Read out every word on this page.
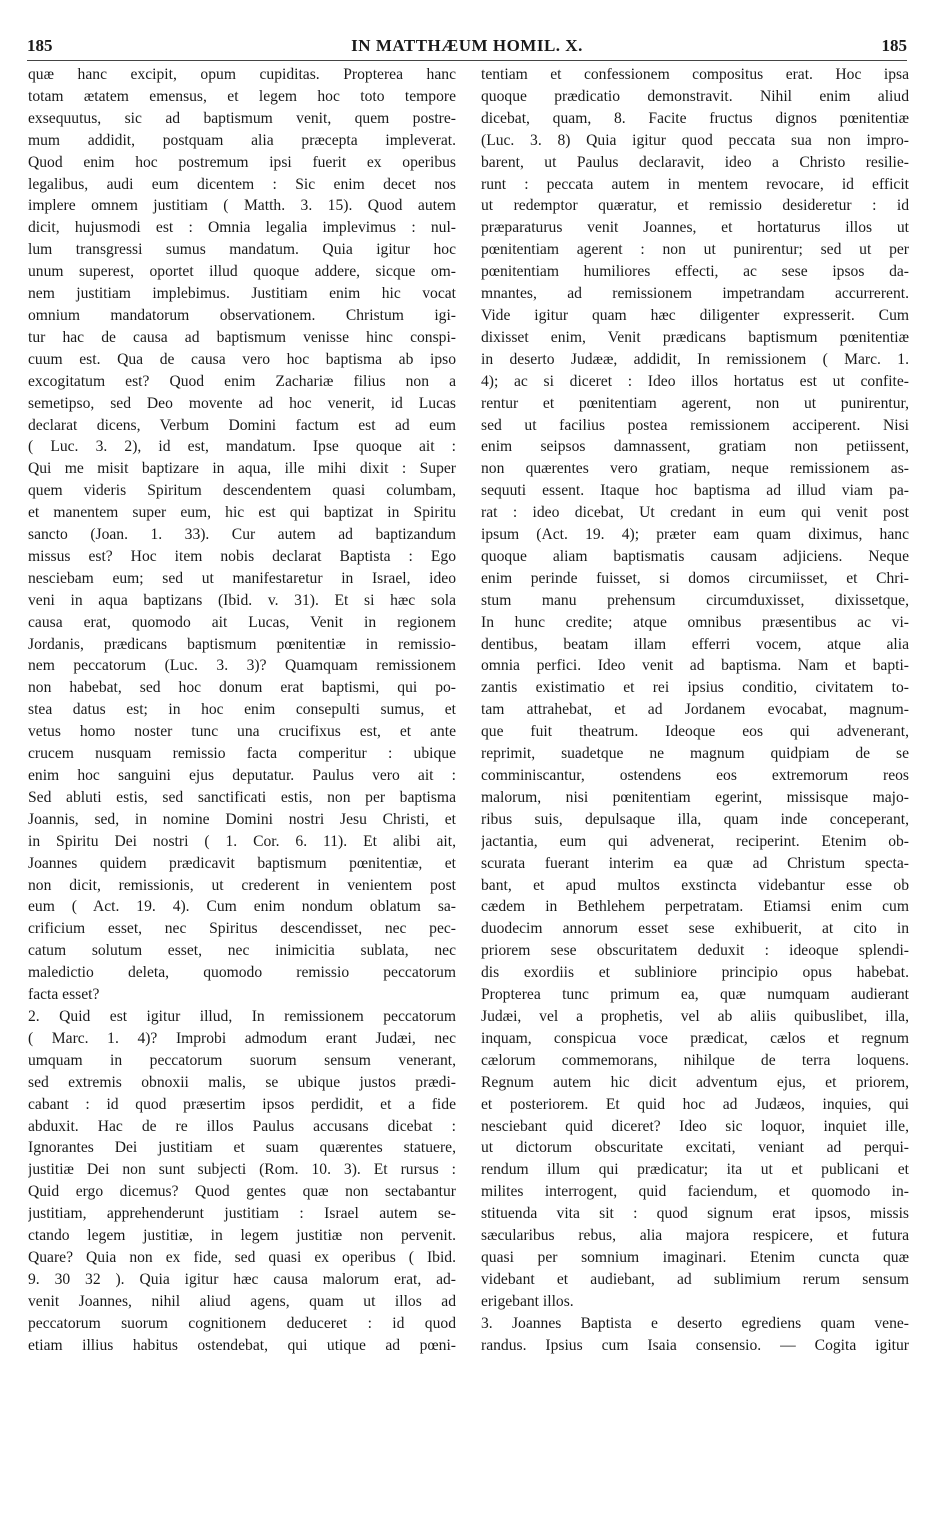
185	IN MATTHÆUM HOMIL. X.	185
quæ hanc excipit, opum cupiditas. Propterea hanc
totam ætatem emensus, et legem hoc toto tempore
exsequutus, sic ad baptismum venit, quem postre-
mum addidit, postquam alia præcepta impleverat.
Quod enim hoc postremum ipsi fuerit ex operibus
legalibus, audi eum dicentem : Sic enim decet nos
implere omnem justitiam ( Matth. 3. 15). Quod autem
dicit, hujusmodi est : Omnia legalia implevimus : nul-
lum transgressi sumus mandatum. Quia igitur hoc
unum superest, oportet illud quoque addere, sicque om-
nem justitiam implebimus. Justitiam enim hic vocat
omnium mandatorum observationem. Christum igi-
tur hac de causa ad baptismum venisse hinc conspi-
cuum est. Qua de causa vero hoc baptisma ab ipso
excogitatum est? Quod enim Zachariæ filius non a
semetipso, sed Deo movente ad hoc venerit, id Lucas
declarat dicens, Verbum Domini factum est ad eum
( Luc. 3. 2), id est, mandatum. Ipse quoque ait :
Qui me misit baptizare in aqua, ille mihi dixit : Super
quem videris Spiritum descendentem quasi columbam,
et manentem super eum, hic est qui baptizat in Spiritu
sancto (Joan. 1. 33). Cur autem ad baptizandum
missus est? Hoc item nobis declarat Baptista : Ego
nesciebam eum; sed ut manifestaretur in Israel, ideo
veni in aqua baptizans (Ibid. v. 31). Et si hæc sola
causa erat, quomodo ait Lucas, Venit in regionem
Jordanis, prædicans baptismum pœnitentiæ in remissio-
nem peccatorum (Luc. 3. 3)? Quamquam remissionem
non habebat, sed hoc donum erat baptismi, qui po-
stea datus est; in hoc enim consepulti sumus, et
vetus homo noster tunc una crucifixus est, et ante
crucem nusquam remissio facta comperitur : ubique
enim hoc sanguini ejus deputatur. Paulus vero ait :
Sed abluti estis, sed sanctificati estis, non per baptisma
Joannis, sed, in nomine Domini nostri Jesu Christi, et
in Spiritu Dei nostri ( 1. Cor. 6. 11). Et alibi ait,
Joannes quidem prædicavit baptismum pœnitentiæ, et
non dicit, remissionis, ut crederent in venientem post
eum ( Act. 19. 4). Cum enim nondum oblatum sa-
crificium esset, nec Spiritus descendisset, nec pec-
catum solutum esset, nec inimicitia sublata, nec
maledictio deleta, quomodo remissio peccatorum
facta esset?
2. Quid est igitur illud, In remissionem peccatorum
( Marc. 1. 4)? Improbi admodum erant Judæi, nec
umquam in peccatorum suorum sensum venerant,
sed extremis obnoxii malis, se ubique justos prædi-
cabant : id quod præsertim ipsos perdidit, et a fide
abduxit. Hac de re illos Paulus accusans dicebat :
Ignorantes Dei justitiam et suam quærentes statuere,
justitiæ Dei non sunt subjecti (Rom. 10. 3). Et rursus :
Quid ergo dicemus? Quod gentes quæ non sectabantur
justitiam, apprehenderunt justitiam : Israel autem se-
ctando legem justitiæ, in legem justitiæ non pervenit.
Quare? Quia non ex fide, sed quasi ex operibus ( Ibid.
9. 30 32 ). Quia igitur hæc causa malorum erat, ad-
venit Joannes, nihil aliud agens, quam ut illos ad
peccatorum suorum cognitionem deduceret : id quod
etiam illius habitus ostendebat, qui utique ad pœni-
tentiam et confessionem compositus erat. Hoc ipsa
quoque prædicatio demonstravit. Nihil enim aliud
dicebat, quam, 8. Facite fructus dignos pœnitentiæ
(Luc. 3. 8) Quia igitur quod peccata sua non impro-
barent, ut Paulus declaravit, ideo a Christo resilie-
runt : peccata autem in mentem revocare, id efficit
ut redemptor quæratur, et remissio desideretur : id
præparaturus venit Joannes, et hortaturus illos ut
pœnitentiam agerent : non ut punirentur; sed ut per
pœnitentiam humiliores effecti, ac sese ipsos da-
mnantes, ad remissionem impetrandam accurrerent.
Vide igitur quam hæc diligenter expresserit. Cum
dixisset enim, Venit prædicans baptismum pœnitentiæ
in deserto Judææ, addidit, In remissionem ( Marc. 1.
4); ac si diceret : Ideo illos hortatus est ut confite-
rentur et pœnitentiam agerent, non ut punirentur,
sed ut facilius postea remissionem acciperent. Nisi
enim seipsos damnassent, gratiam non petiissent,
non quærentes vero gratiam, neque remissionem as-
sequuti essent. Itaque hoc baptisma ad illud viam pa-
rat : ideo dicebat, Ut credant in eum qui venit post
ipsum (Act. 19. 4); præter eam quam diximus, hanc
quoque aliam baptismatis causam adjiciens. Neque
enim perinde fuisset, si domos circumiisset, et Chri-
stum manu prehensum circumduxisset, dixissetque,
In hunc credite; atque omnibus præsentibus ac vi-
dentibus, beatam illam efferri vocem, atque alia
omnia perfici. Ideo venit ad baptisma. Nam et bapti-
zantis existimatio et rei ipsius conditio, civitatem to-
tam attrahebat, et ad Jordanem evocabat, magnum-
que fuit theatrum. Ideoque eos qui advenerant,
reprimit, suadetque ne magnum quidpiam de se
comminiscantur, ostendens eos extremorum reos
malorum, nisi pœnitentiam egerint, missisque majo-
ribus suis, depulsaque illa, quam inde conceperant,
jactantia, eum qui advenerat, reciperint. Etenim ob-
scurata fuerant interim ea quæ ad Christum specta-
bant, et apud multos exstincta videbantur esse ob
cædem in Bethlehem perpetratam. Etiamsi enim cum
duodecim annorum esset sese exhibuerit, at cito in
priorem sese obscuritatem deduxit : ideoque splendi-
dis exordiis et subliniore principio opus habebat.
Propterea tunc primum ea, quæ numquam audierant
Judæi, vel a prophetis, vel ab aliis quibuslibet, illa,
inquam, conspicua voce prædicat, cælos et regnum
cælorum commemorans, nihilque de terra loquens.
Regnum autem hic dicit adventum ejus, et priorem,
et posteriorem. Et quid hoc ad Judæos, inquies, qui
nesciebant quid diceret? Ideo sic loquor, inquiet ille,
ut dictorum obscuritate excitati, veniant ad perqui-
rendum illum qui prædicatur; ita ut et publicani et
milites interrogent, quid faciendum, et quomodo in-
stituenda vita sit : quod signum erat ipsos, missis
sæcularibus rebus, alia majora respicere, et futura
quasi per somnium imaginari. Etenim cuncta quæ
videbant et audiebant, ad sublimium rerum sensum
erigebant illos.
3. Joannes Baptista e deserto egrediens quam vene-
randus. Ipsius cum Isaia consensio. — Cogita igitur
